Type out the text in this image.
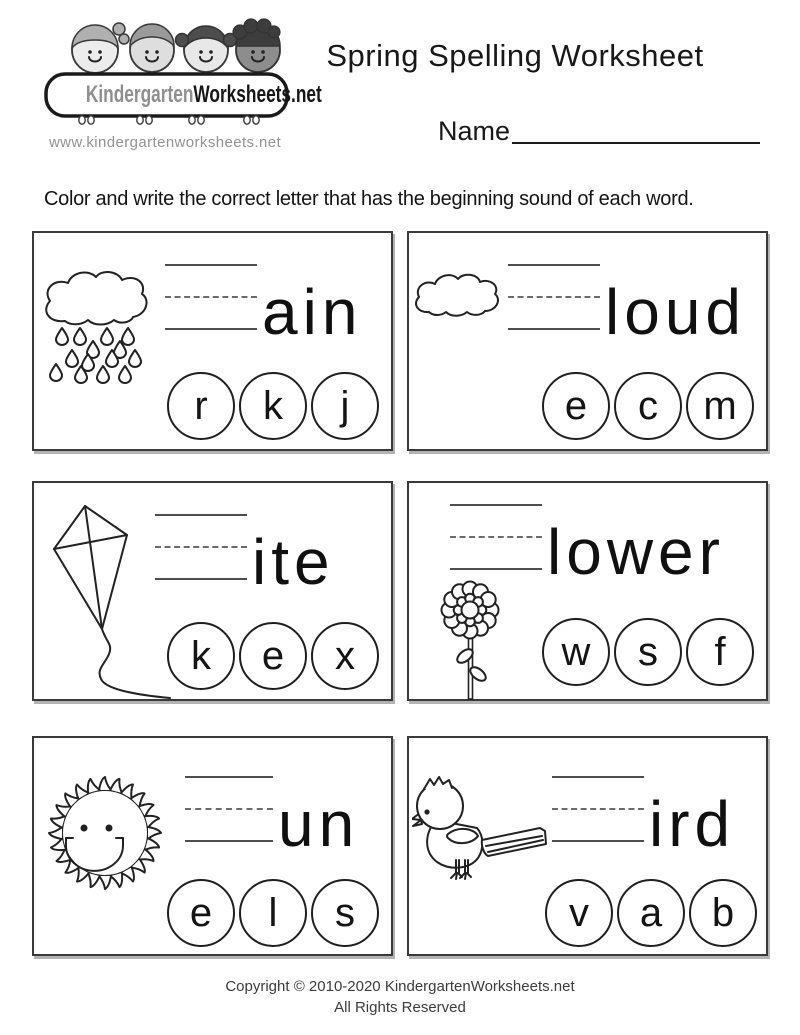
KindergartenWorksheets.net
www.kindergartenworksheets.net
Spring Spelling Worksheet
Name
Color and write the correct letter that has the beginning sound of each word.
ain
r k j
loud
e c m
ite
k e x
lower
w s f
un
e l s
ird
v a b
Copyright © 2010-2020 KindergartenWorksheets.net
All Rights Reserved
